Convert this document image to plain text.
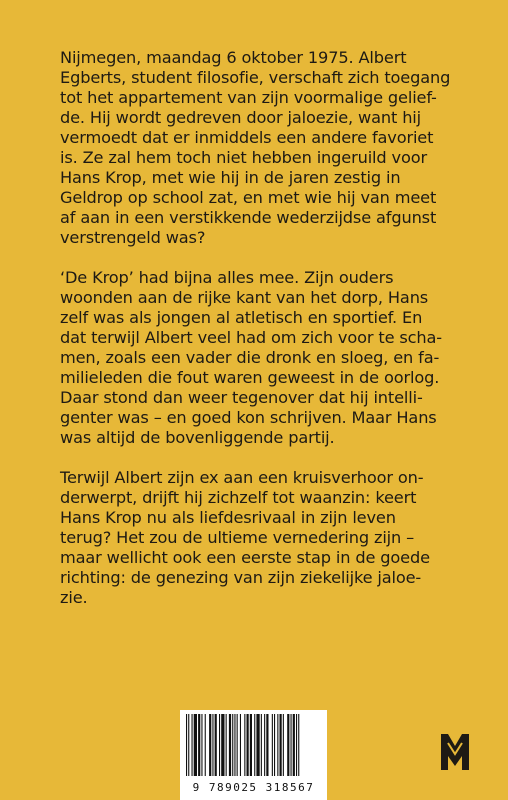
Nijmegen, maandag 6 oktober 1975. Albert
Egberts, student filosofie, verschaft zich toegang
tot het appartement van zijn voormalige gelief-
de. Hij wordt gedreven door jaloezie, want hij
vermoedt dat er inmiddels een andere favoriet
is. Ze zal hem toch niet hebben ingeruild voor
Hans Krop, met wie hij in de jaren zestig in
Geldrop op school zat, en met wie hij van meet
af aan in een verstikkende wederzijdse afgunst
verstrengeld was?

‘De Krop’ had bijna alles mee. Zijn ouders
woonden aan de rijke kant van het dorp, Hans
zelf was als jongen al atletisch en sportief. En
dat terwijl Albert veel had om zich voor te scha-
men, zoals een vader die dronk en sloeg, en fa-
milieleden die fout waren geweest in de oorlog.
Daar stond dan weer tegenover dat hij intelli-
genter was – en goed kon schrijven. Maar Hans
was altijd de bovenliggende partij.

Terwijl Albert zijn ex aan een kruisverhoor on-
derwerpt, drijft hij zichzelf tot waanzin: keert
Hans Krop nu als liefdesrivaal in zijn leven
terug? Het zou de ultieme vernedering zijn –
maar wellicht ook een eerste stap in de goede
richting: de genezing van zijn ziekelijke jaloe-
zie.

9 789025 318567
